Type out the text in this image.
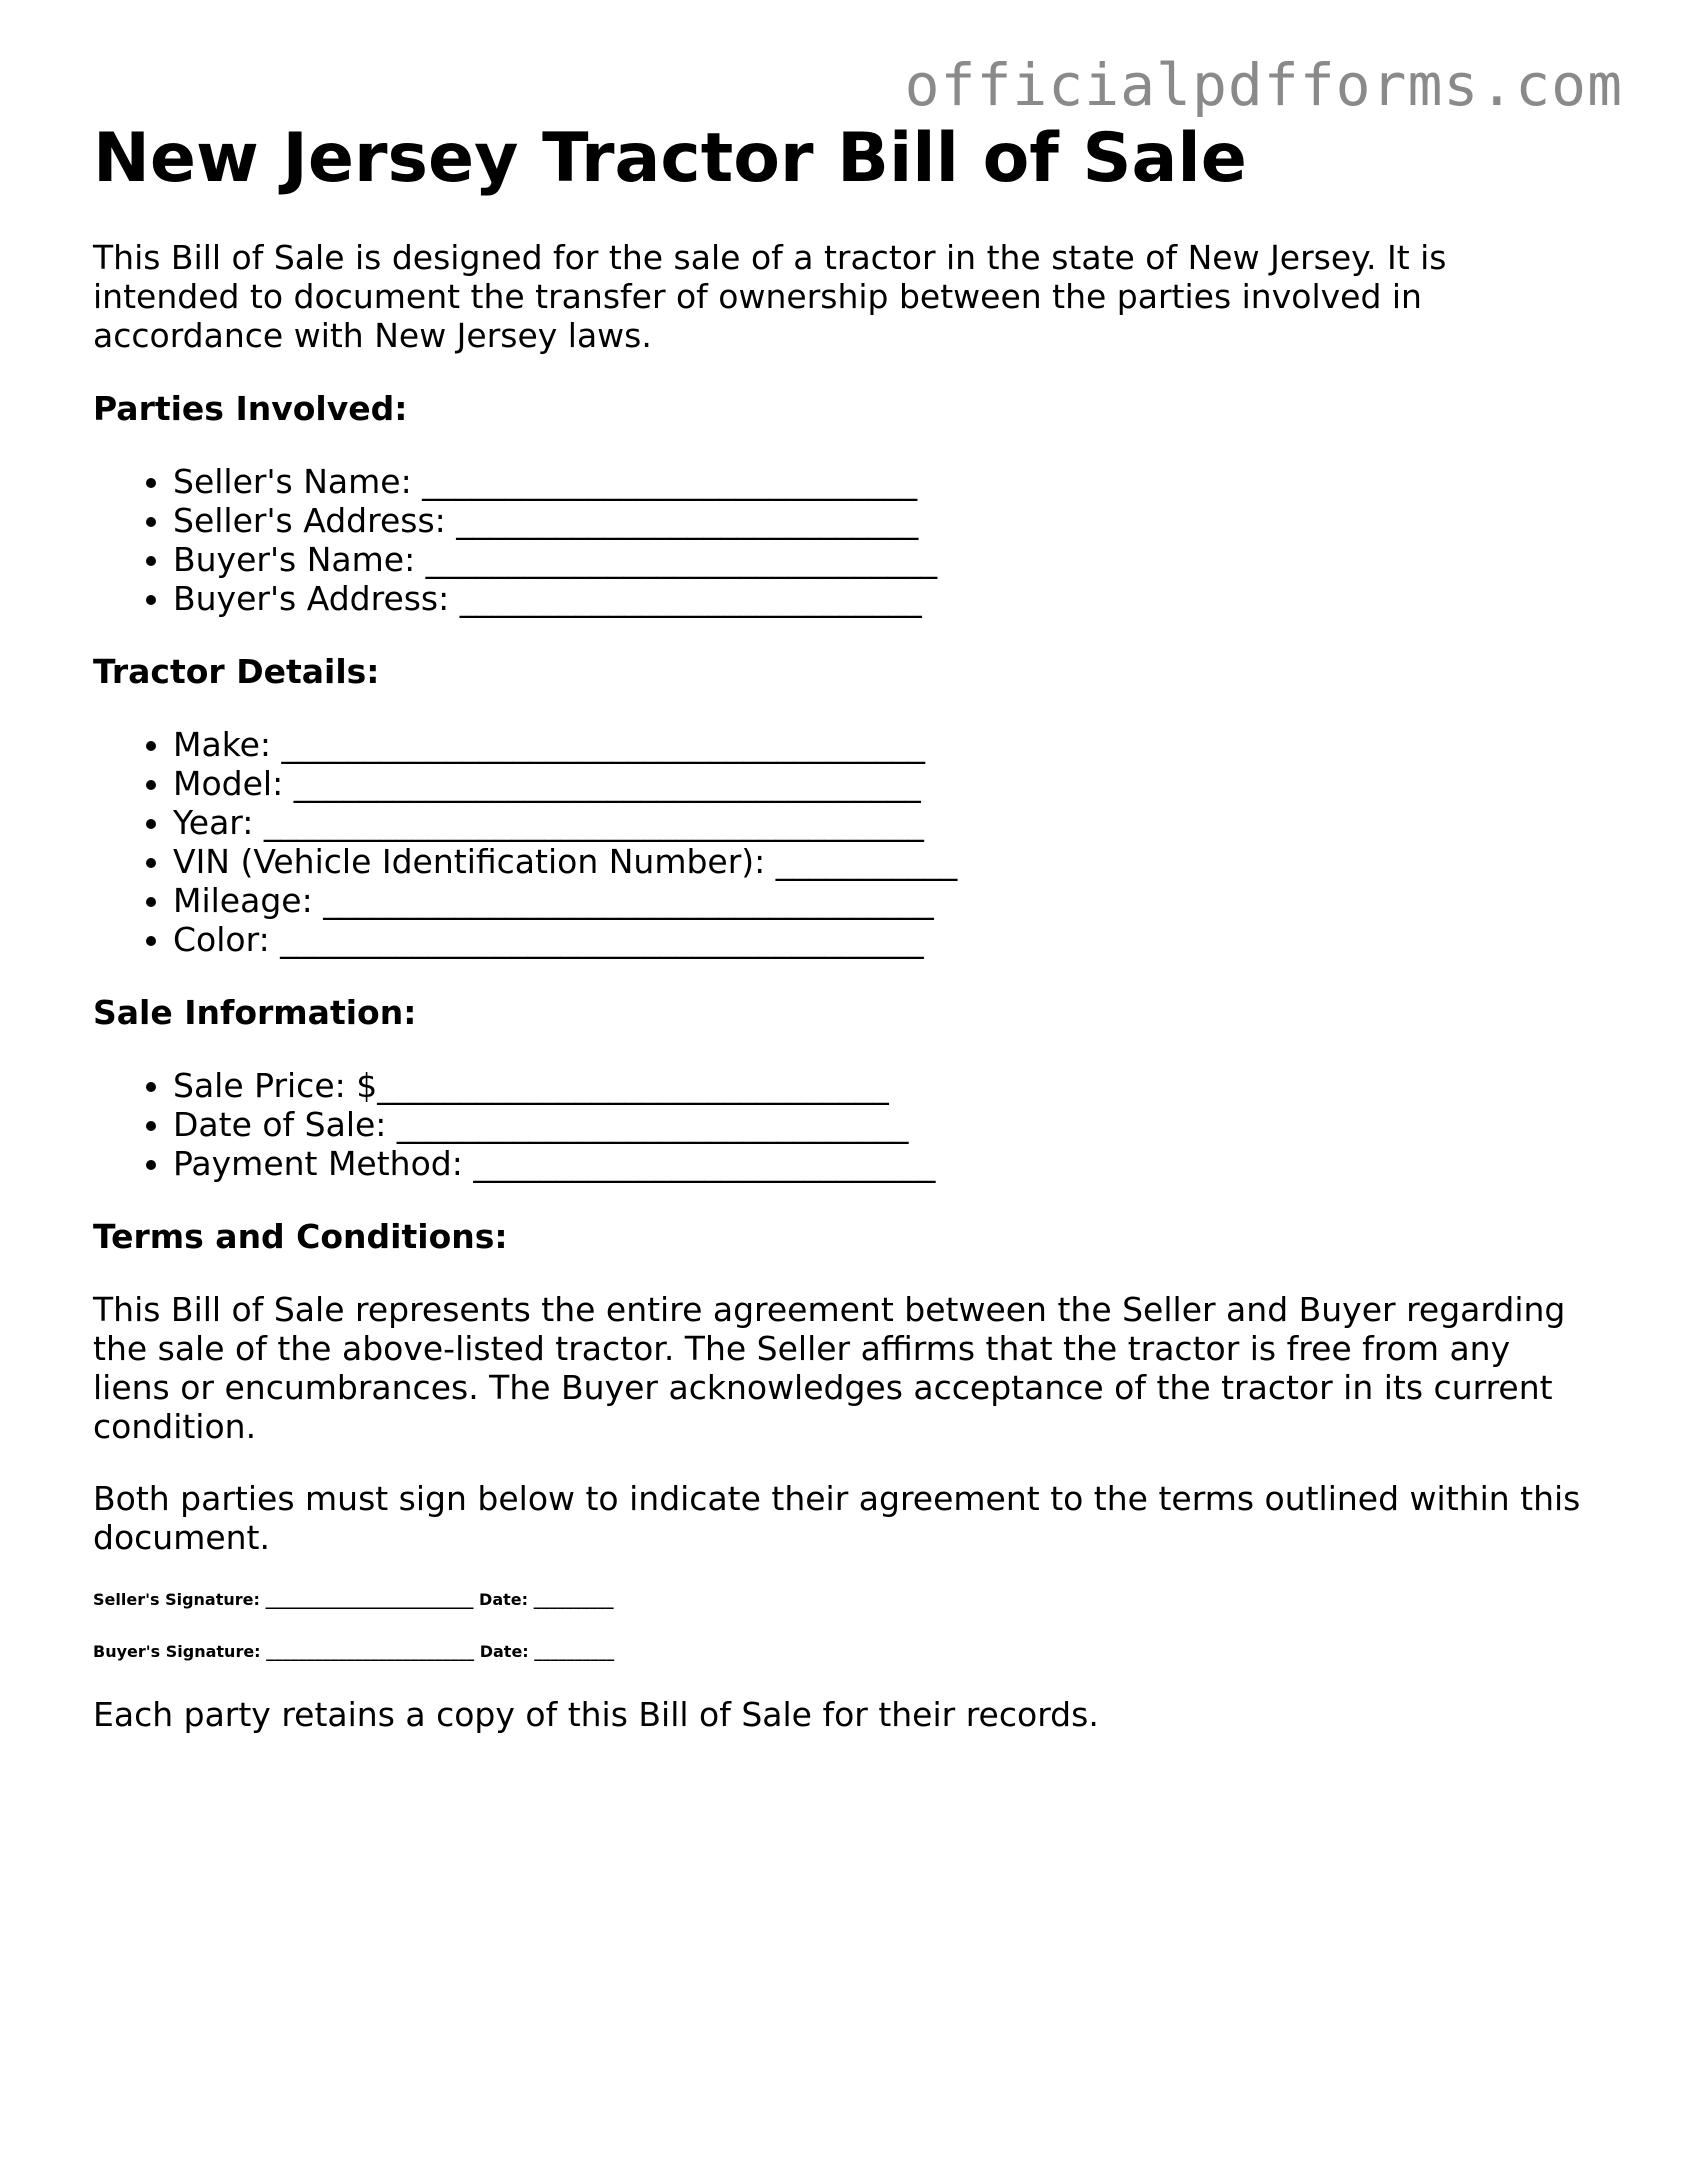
officialpdfforms.com
New Jersey Tractor Bill of Sale

This Bill of Sale is designed for the sale of a tractor in the state of New Jersey. It is intended to document the transfer of ownership between the parties involved in accordance with New Jersey laws.

Parties Involved:
• Seller's Name: ______________________________
• Seller's Address: ____________________________
• Buyer's Name: _______________________________
• Buyer's Address: ____________________________
Tractor Details:
• Make: _______________________________________
• Model: ______________________________________
• Year: ________________________________________
• VIN (Vehicle Identification Number): ___________
• Mileage: _____________________________________
• Color: _______________________________________
Sale Information:
• Sale Price: $_______________________________
• Date of Sale: _______________________________
• Payment Method: ____________________________
Terms and Conditions:

This Bill of Sale represents the entire agreement between the Seller and Buyer regarding the sale of the above-listed tractor. The Seller affirms that the tractor is free from any liens or encumbrances. The Buyer acknowledges acceptance of the tractor in its current condition.

Both parties must sign below to indicate their agreement to the terms outlined within this document.

Seller's Signature: __________________________ Date: __________
Buyer's Signature: __________________________ Date: __________

Each party retains a copy of this Bill of Sale for their records.
